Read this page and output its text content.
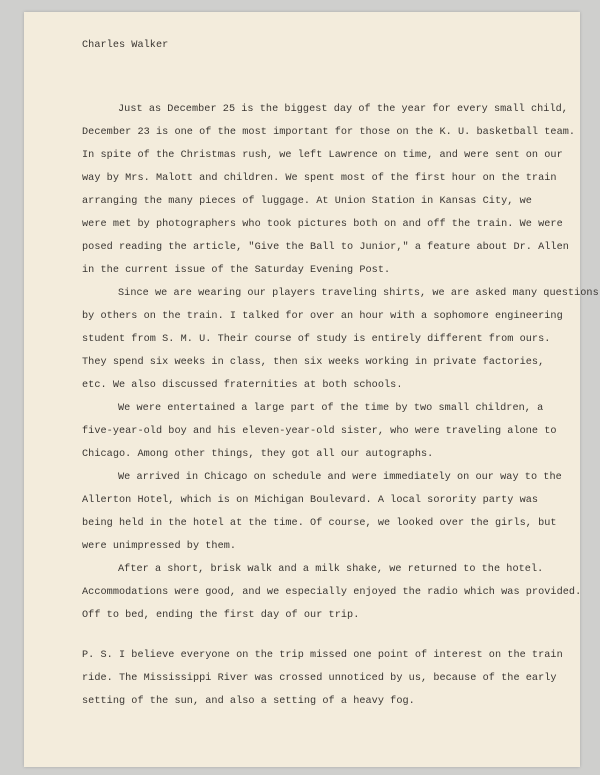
Charles Walker

Just as December 25 is the biggest day of the year for every small child,

December 23 is one of the most important for those on the K. U. basketball team.

In spite of the Christmas rush, we left Lawrence on time, and were sent on our

way by Mrs. Malott and children. We spent most of the first hour on the train

arranging the many pieces of luggage. At Union Station in Kansas City, we

were met by photographers who took pictures both on and off the train. We were

posed reading the article, "Give the Ball to Junior," a feature about Dr. Allen

in the current issue of the Saturday Evening Post.

Since we are wearing our players traveling shirts, we are asked many questions

by others on the train. I talked for over an hour with a sophomore engineering

student from S. M. U. Their course of study is entirely different from ours.

They spend six weeks in class, then six weeks working in private factories,

etc. We also discussed fraternities at both schools.

We were entertained a large part of the time by two small children, a

five-year-old boy and his eleven-year-old sister, who were traveling alone to

Chicago. Among other things, they got all our autographs.

We arrived in Chicago on schedule and were immediately on our way to the

Allerton Hotel, which is on Michigan Boulevard. A local sorority party was

being held in the hotel at the time. Of course, we looked over the girls, but

were unimpressed by them.

After a short, brisk walk and a milk shake, we returned to the hotel.

Accommodations were good, and we especially enjoyed the radio which was provided.

Off to bed, ending the first day of our trip.

P. S. I believe everyone on the trip missed one point of interest on the train

ride. The Mississippi River was crossed unnoticed by us, because of the early

setting of the sun, and also a setting of a heavy fog.
